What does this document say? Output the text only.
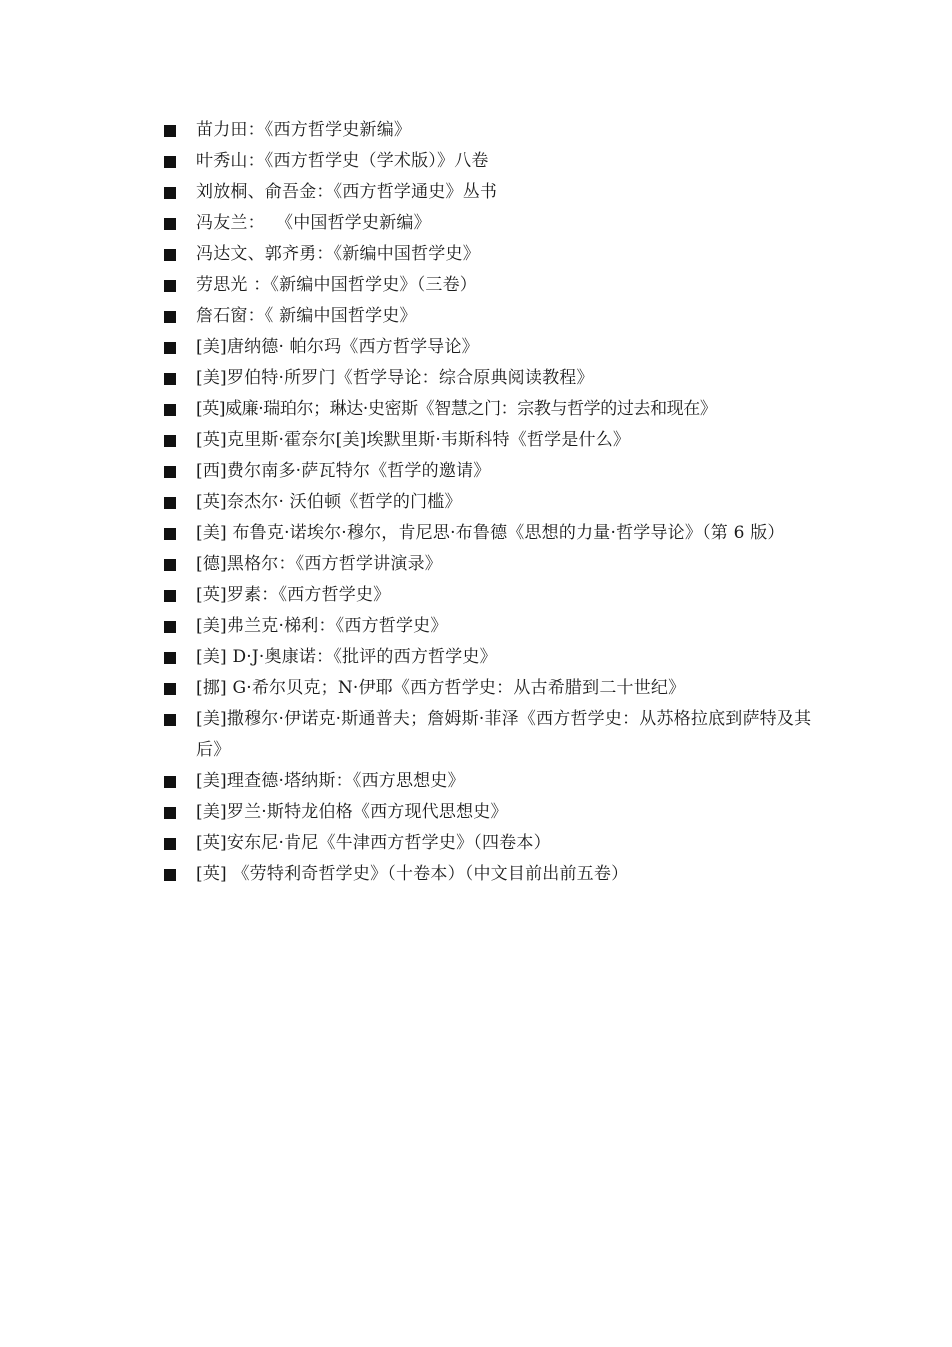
苗力田：《西方哲学史新编》
叶秀山：《西方哲学史（学术版）》八卷
刘放桐、俞吾金：《西方哲学通史》丛书
冯友兰：  《中国哲学史新编》
冯达文、郭齐勇：《新编中国哲学史》
劳思光 ：《新编中国哲学史》（三卷）
詹石窗：《 新编中国哲学史》
[美]唐纳德· 帕尔玛《西方哲学导论》
[美]罗伯特·所罗门《哲学导论：综合原典阅读教程》
[英]威廉·瑞珀尔；琳达·史密斯《智慧之门：宗教与哲学的过去和现在》
[英]克里斯·霍奈尔[美]埃默里斯·韦斯科特《哲学是什么》
[西]费尔南多·萨瓦特尔《哲学的邀请》
[英]奈杰尔· 沃伯顿《哲学的门槛》
[美] 布鲁克·诺埃尔·穆尔，肯尼思·布鲁德《思想的力量·哲学导论》（第 6 版）
[德]黑格尔：《西方哲学讲演录》
[英]罗素：《西方哲学史》
[美]弗兰克·梯利：《西方哲学史》
[美] D·J·奥康诺：《批评的西方哲学史》
[挪] G·希尔贝克；N·伊耶《西方哲学史：从古希腊到二十世纪》
[美]撒穆尔·伊诺克·斯通普夫；詹姆斯·菲泽《西方哲学史：从苏格拉底到萨特及其后》
[美]理查德·塔纳斯：《西方思想史》
[美]罗兰·斯特龙伯格《西方现代思想史》
[英]安东尼·肯尼《牛津西方哲学史》（四卷本）
[英] 《劳特利奇哲学史》（十卷本）（中文目前出前五卷）
